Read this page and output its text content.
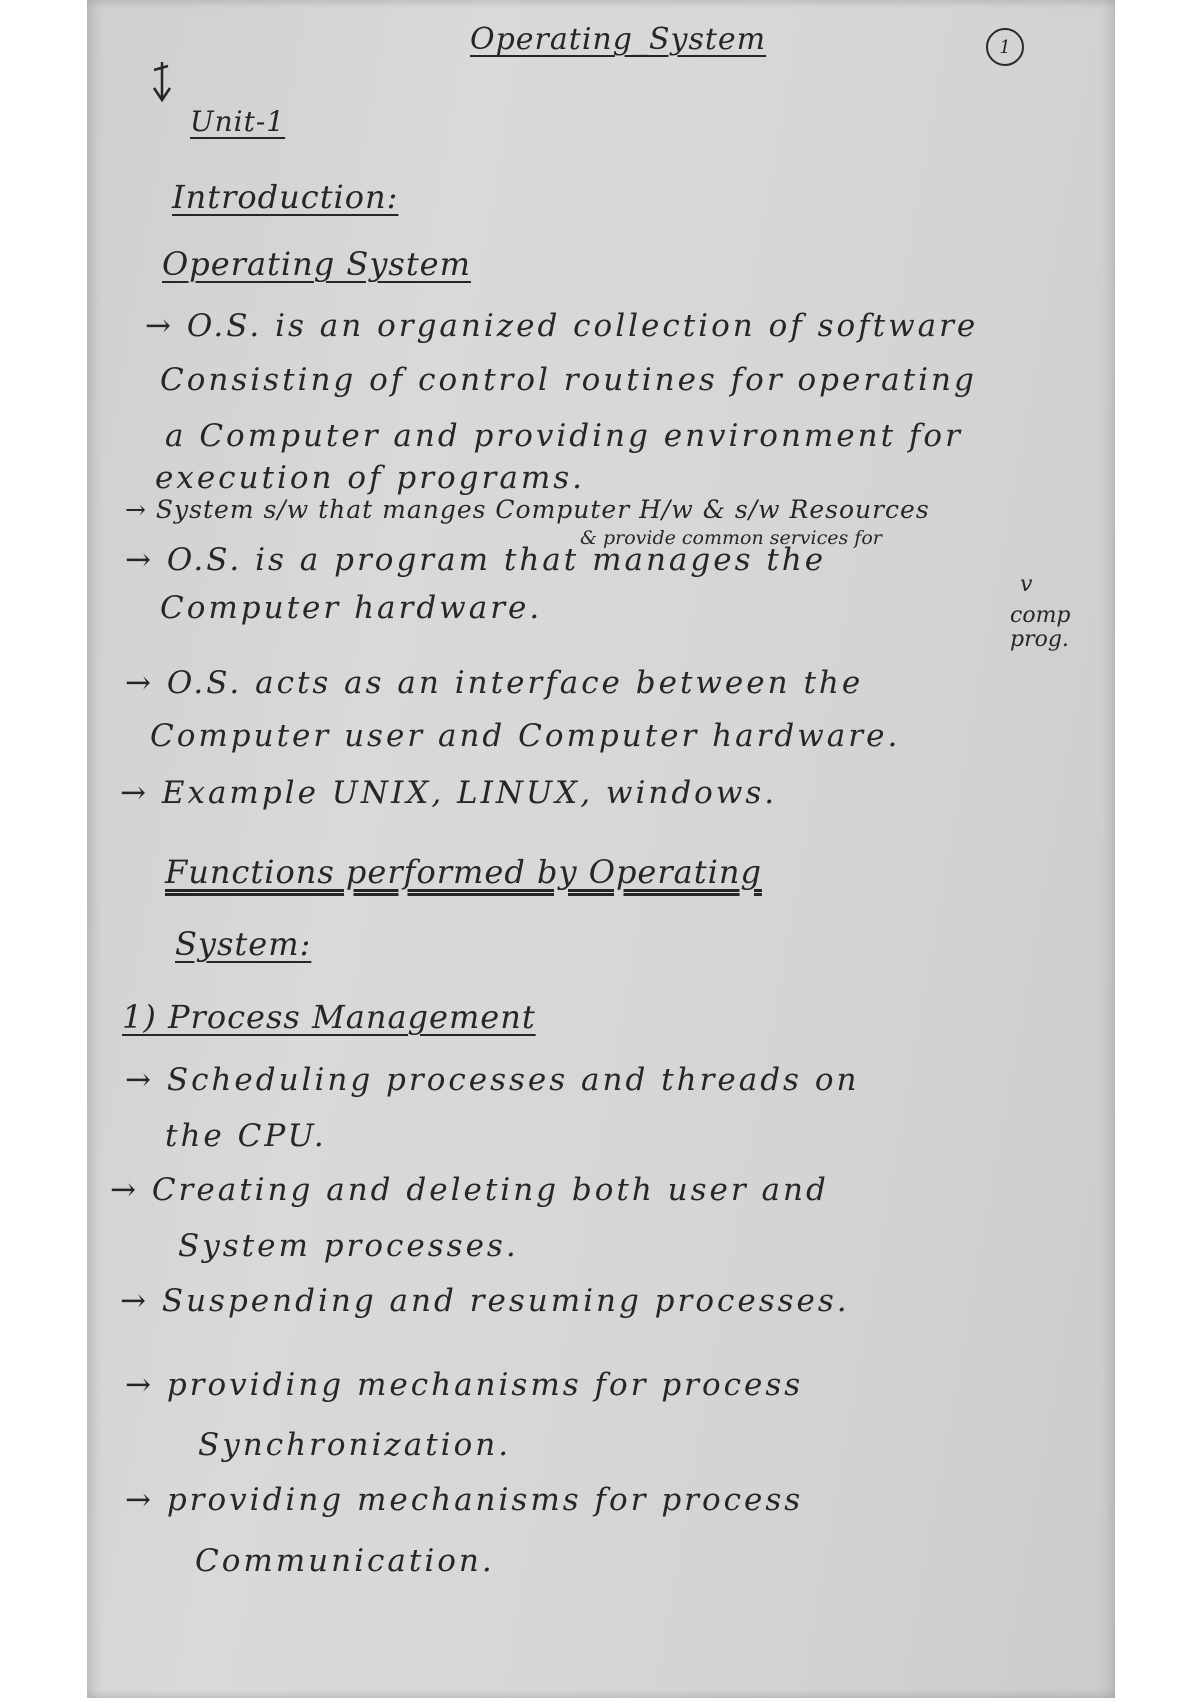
Operating_System	1
Unit-1
Introduction:
Operating System
→ O.S. is an organized collection of software
Consisting of control routines for operating
a Computer and providing environment for
execution of programs.
→ System s/w that manges Computer H/w & s/w Resources
& provide common services for
→ O.S. is a program that manages the
Computer hardware.
v
comp
prog.
→ O.S. acts as an interface between the
Computer user and Computer hardware.
→ Example UNIX, LINUX, windows.
Functions performed by Operating
System:
1) Process Management
→ Scheduling processes and threads on
the CPU.
→ Creating and deleting both user and
System processes.
→ Suspending and resuming processes.
→ providing mechanisms for process
Synchronization.
→ providing mechanisms for process
Communication.
